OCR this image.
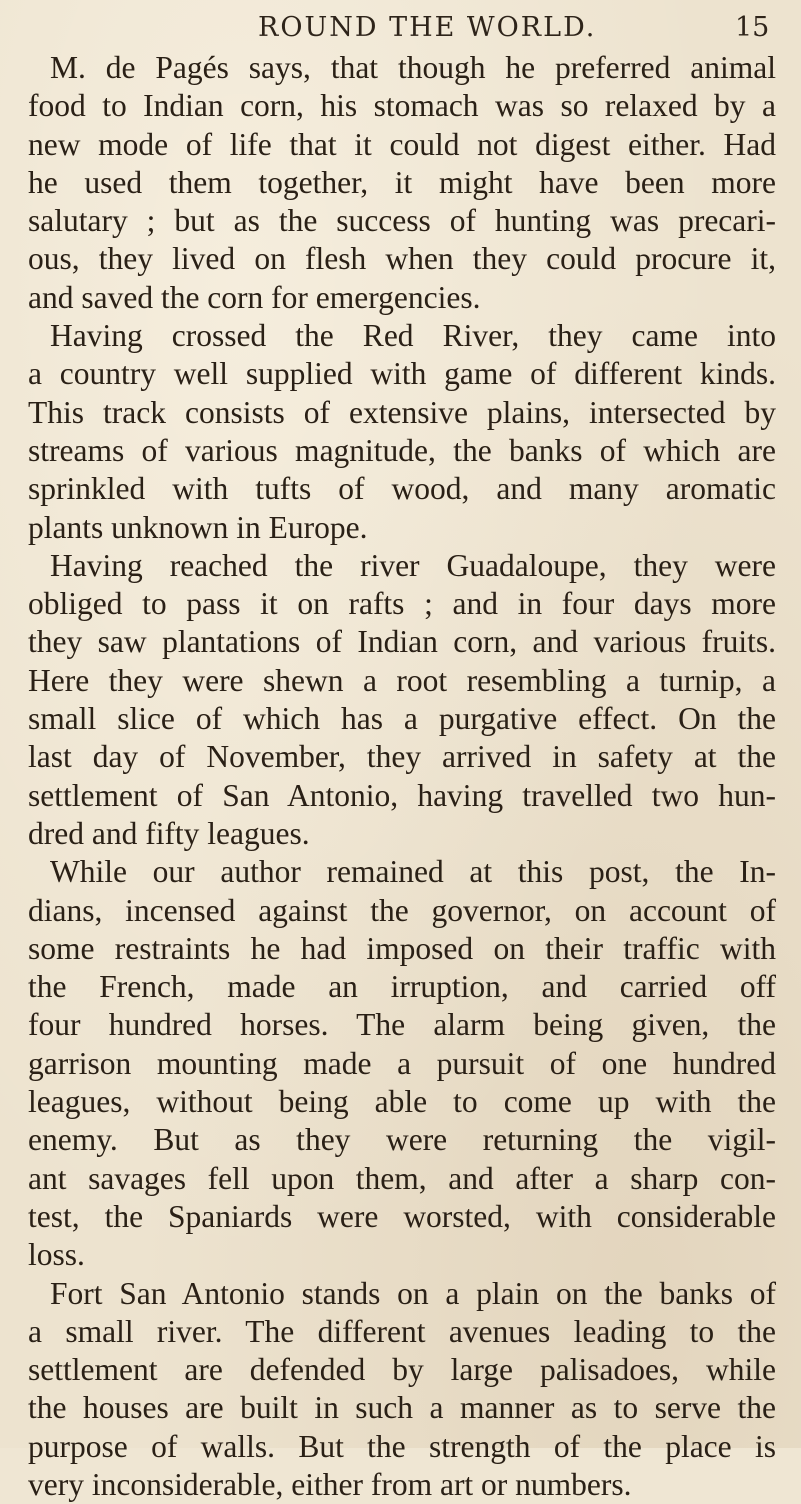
ROUND THE WORLD.	15
M. de Pagés says, that though he preferred animal
food to Indian corn, his stomach was so relaxed by a
new mode of life that it could not digest either. Had
he used them together, it might have been more
salutary ; but as the success of hunting was precari-
ous, they lived on flesh when they could procure it,
and saved the corn for emergencies.
Having crossed the Red River, they came into
a country well supplied with game of different kinds.
This track consists of extensive plains, intersected by
streams of various magnitude, the banks of which are
sprinkled with tufts of wood, and many aromatic
plants unknown in Europe.
Having reached the river Guadaloupe, they were
obliged to pass it on rafts ; and in four days more
they saw plantations of Indian corn, and various fruits.
Here they were shewn a root resembling a turnip, a
small slice of which has a purgative effect. On the
last day of November, they arrived in safety at the
settlement of San Antonio, having travelled two hun-
dred and fifty leagues.
While our author remained at this post, the In-
dians, incensed against the governor, on account of
some restraints he had imposed on their traffic with
the French, made an irruption, and carried off
four hundred horses. The alarm being given, the
garrison mounting made a pursuit of one hundred
leagues, without being able to come up with the
enemy. But as they were returning the vigil-
ant savages fell upon them, and after a sharp con-
test, the Spaniards were worsted, with considerable
loss.
Fort San Antonio stands on a plain on the banks of
a small river. The different avenues leading to the
settlement are defended by large palisadoes, while
the houses are built in such a manner as to serve the
purpose of walls. But the strength of the place is
very inconsiderable, either from art or numbers.
